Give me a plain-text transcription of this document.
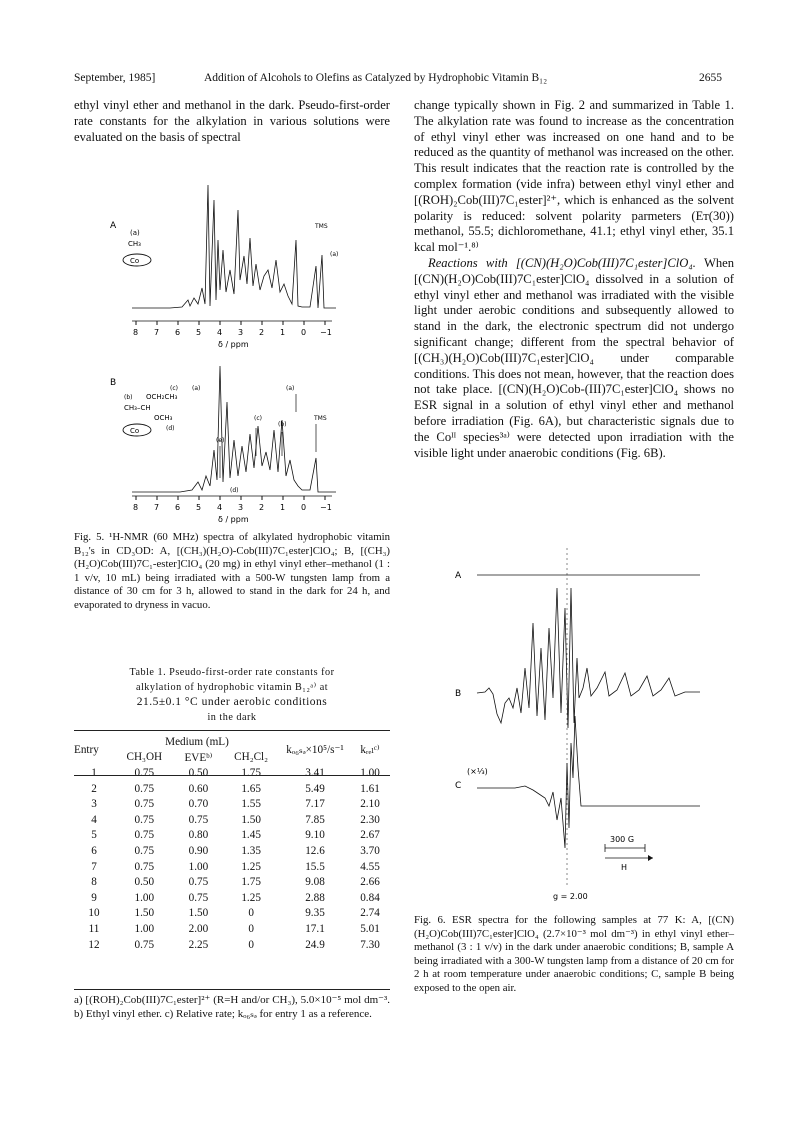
September, 1985]	Addition of Alcohols to Olefins as Catalyzed by Hydrophobic Vitamin B₁₂	2655

ethyl vinyl ether and methanol in the dark. Pseudo-first-order rate constants for the alkylation in various solutions were evaluated on the basis of spectral

change typically shown in Fig. 2 and summarized in Table 1. The alkylation rate was found to increase as the concentration of ethyl vinyl ether was increased on one hand and to be reduced as the quantity of methanol was increased on the other. This result indicates that the reaction rate is controlled by the complex formation (vide infra) between ethyl vinyl ether and [(ROH)₂Cob(III)7C₁ester]²⁺, which is enhanced as the solvent polarity is reduced: solvent polarity parmeters (Eᴛ(30)) methanol, 55.5; dichloromethane, 41.1; ethyl vinyl ether, 35.1 kcal mol⁻¹.⁸⁾

Reactions with [(CN)(H₂O)Cob(III)7C₁ester]ClO₄. When [(CN)(H₂O)Cob(III)7C₁ester]ClO₄ dissolved in a solution of ethyl vinyl ether and methanol was irradiated with the visible light under aerobic conditions and subsequently allowed to stand in the dark, the electronic spectrum did not undergo significant change; different from the spectral behavior of [(CH₃)(H₂O)Cob(III)7C₁ester]ClO₄ under comparable conditions. This does not mean, however, that the reaction does not take place. [(CN)(H₂O)Cob-(III)7C₁ester]ClO₄ shows no ESR signal in a solution of ethyl vinyl ether and methanol before irradiation (Fig. 6A), but characteristic signals due to the Coᴵᴵ species³ᵃ⁾ were detected upon irradiation with the visible light under anaerobic conditions (Fig. 6B).

A
(a)
CH₃
Co
TMS
(a)
8 7 6 5 4 3 2 1 0 −1
δ / ppm
B
(c) (a)
(b) OCH₂CH₃
CH₃–CH
OCH₃
(d)
Co
(a)
(c)
(b)
TMS
(e)
(d)
8 7 6 5 4 3 2 1 0 −1
δ / ppm
Fig. 5. ¹H-NMR (60 MHz) spectra of alkylated hydrophobic vitamin B₁₂'s in CD₃OD: A, [(CH₃)(H₂O)-Cob(III)7C₁ester]ClO₄; B, [(CH₃)(H₂O)Cob(III)7C₁-ester]ClO₄ (20 mg) in ethyl vinyl ether–methanol (1 : 1 v/v, 10 mL) being irradiated with a 500-W tungsten lamp from a distance of 30 cm for 3 h, allowed to stand in the dark for 24 h, and evaporated to dryness in vacuo.
Table 1. Pseudo-first-order rate constants for
alkylation of hydrophobic vitamin B₁₂ᵃ⁾ at
21.5±0.1 °C under aerobic conditions
in the dark
Entry	Medium (mL)			kₒ₆ₛₔ×10⁵/s⁻¹	kᵣₑₗᶜ⁾
	CH₃OH	EVEᵇ⁾	CH₂Cl₂		
1	0.75	0.50	1.75	3.41	1.00
2	0.75	0.60	1.65	5.49	1.61
3	0.75	0.70	1.55	7.17	2.10
4	0.75	0.75	1.50	7.85	2.30
5	0.75	0.80	1.45	9.10	2.67
6	0.75	0.90	1.35	12.6	3.70
7	0.75	1.00	1.25	15.5	4.55
8	0.50	0.75	1.75	9.08	2.66
9	1.00	0.75	1.25	2.88	0.84
10	1.50	1.50	0	9.35	2.74
11	1.00	2.00	0	17.1	5.01
12	0.75	2.25	0	24.9	7.30
a) [(ROH)₂Cob(III)7C₁ester]²⁺ (R=H and/or CH₃), 5.0×10⁻⁵ mol dm⁻³. b) Ethyl vinyl ether. c) Relative rate; kₒ₆ₛₔ for entry 1 as a reference.
A
B
C
(×⅓)
300 G
H
g = 2.00
Fig. 6. ESR spectra for the following samples at 77 K: A, [(CN)(H₂O)Cob(III)7C₁ester]ClO₄ (2.7×10⁻³ mol dm⁻³) in ethyl vinyl ether–methanol (3 : 1 v/v) in the dark under anaerobic conditions; B, sample A being irradiated with a 300-W tungsten lamp from a distance of 20 cm for 2 h at room temperature under anaerobic conditions; C, sample B being exposed to the open air.
